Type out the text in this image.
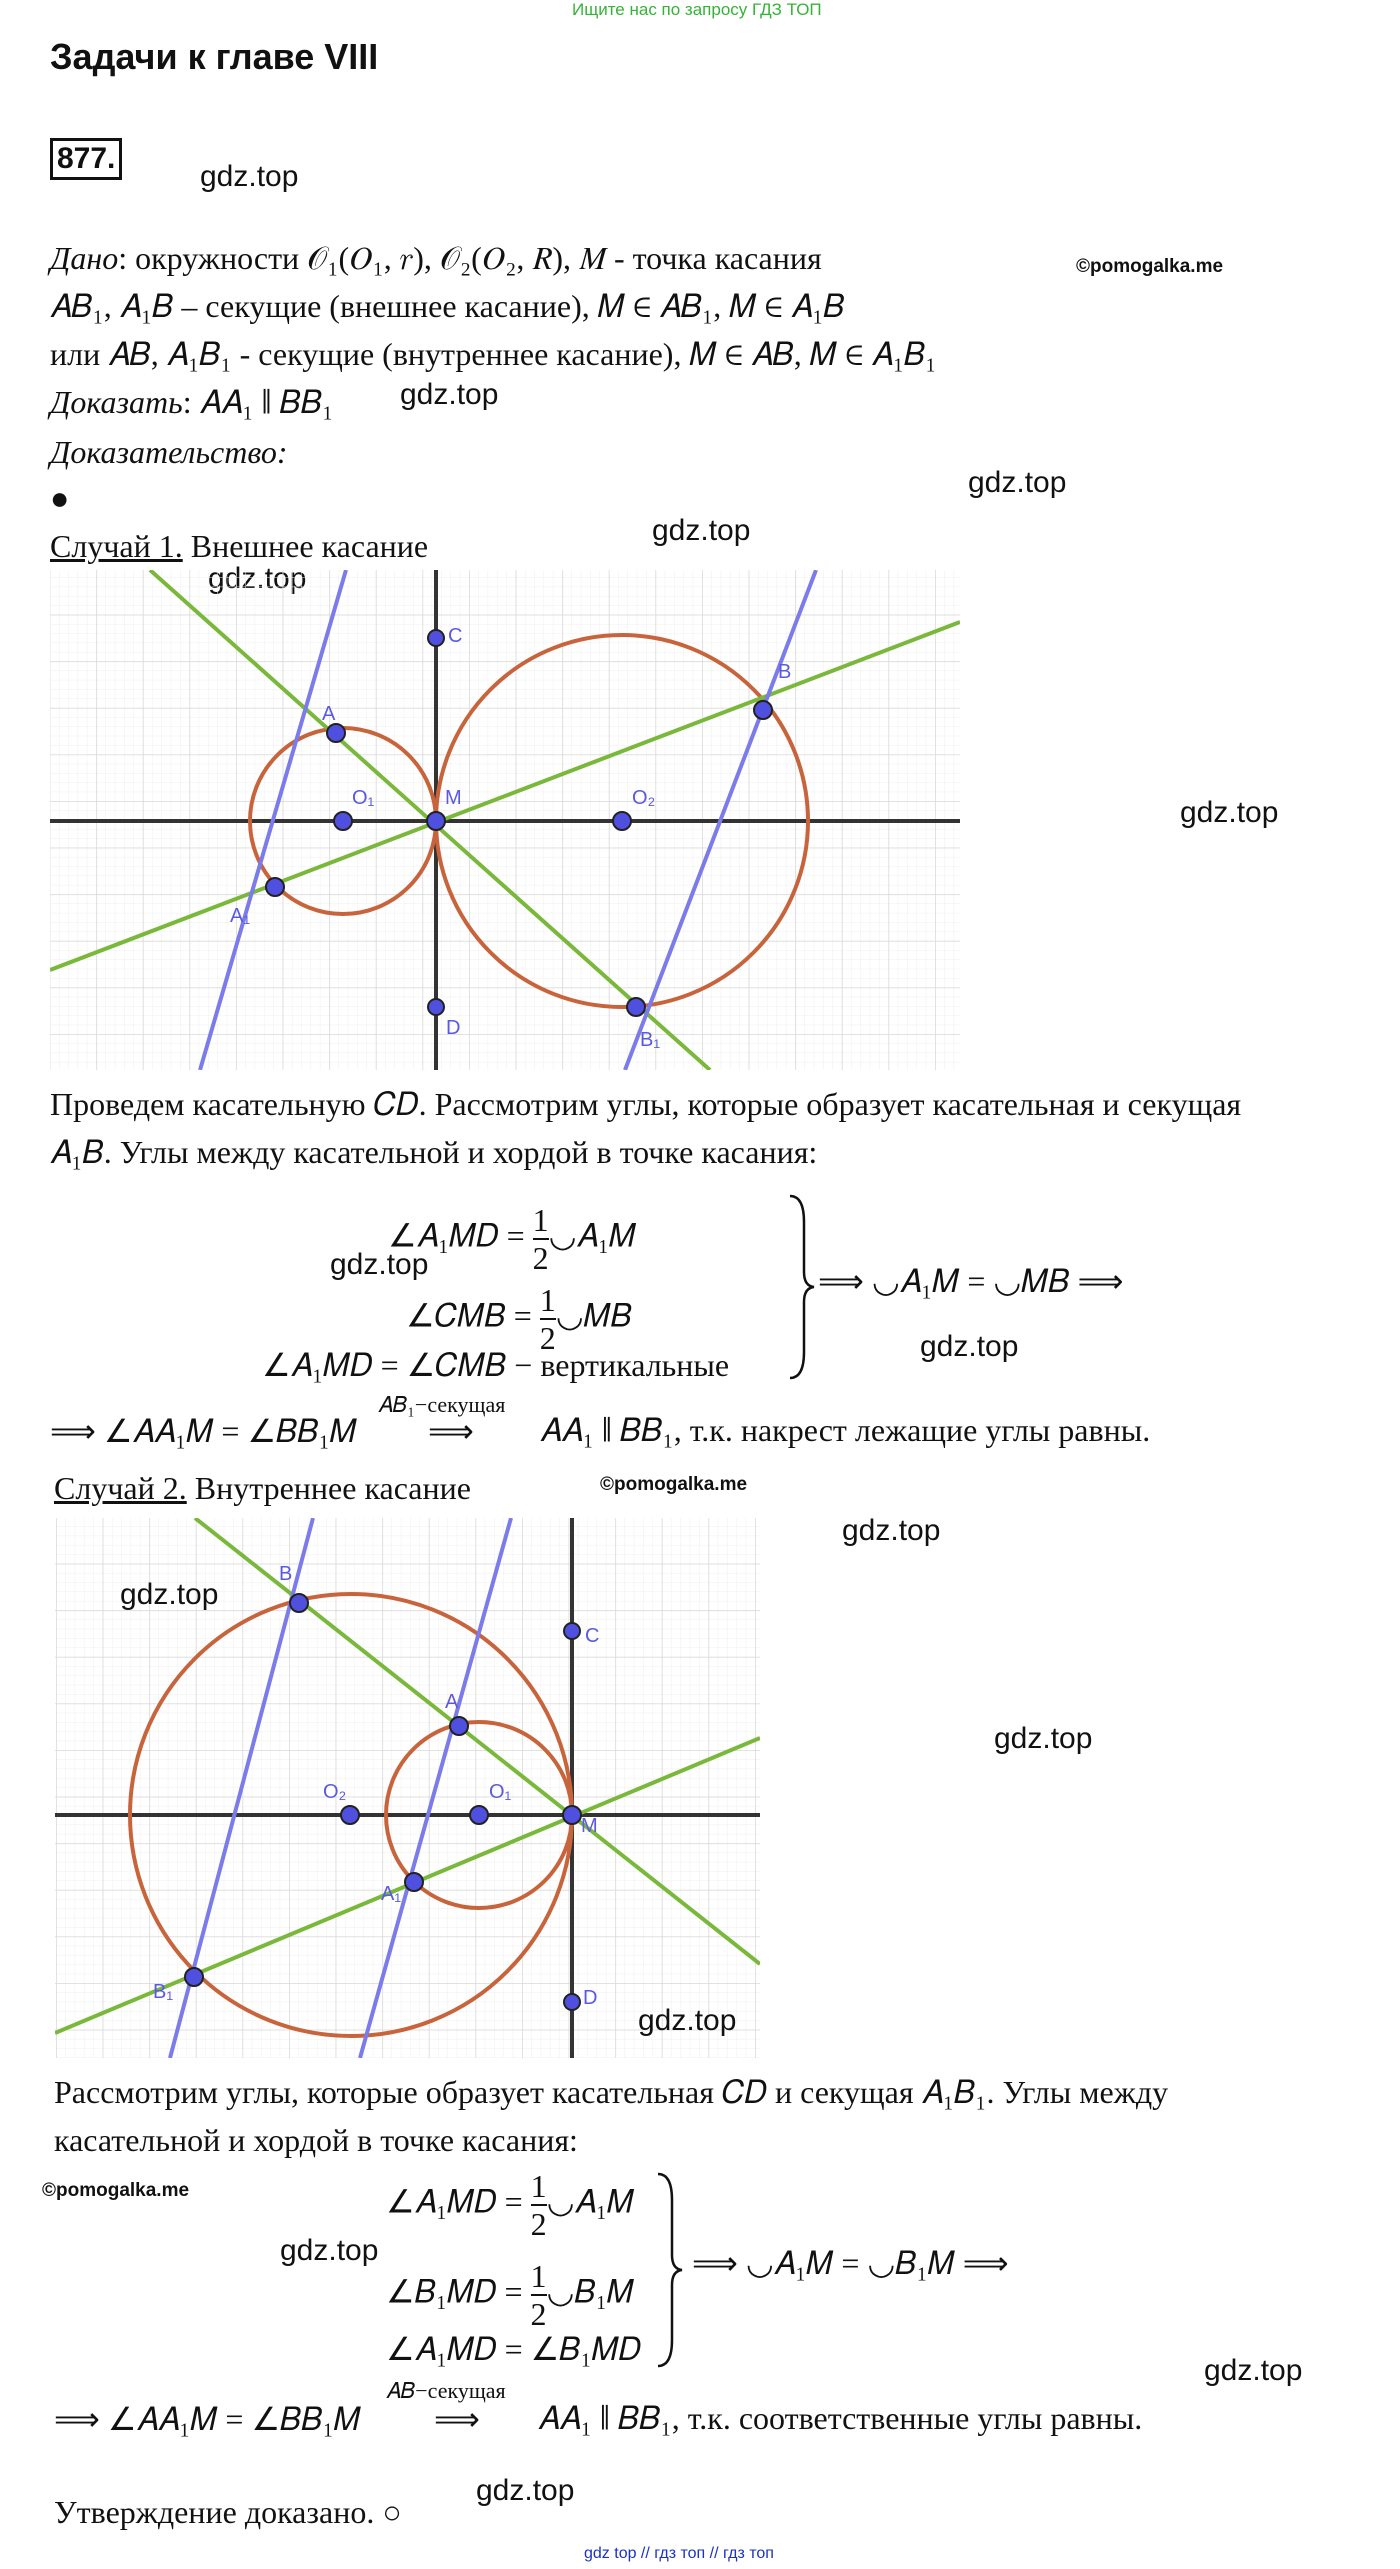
Ищите нас по запросу ГДЗ ТОП
Задачи к главе VIII
877.
gdz.top
Дано: окружности 𝒪₁(𝑂₁, 𝑟), 𝒪₂(𝑂₂, 𝑅), 𝑀 - точка касания	©pomogalka.me
𝐴𝐵₁, 𝐴₁𝐵 – секущие (внешнее касание), 𝑀 ∈ 𝐴𝐵₁, 𝑀 ∈ 𝐴₁𝐵
или 𝐴𝐵, 𝐴₁𝐵₁ - секущие (внутреннее касание), 𝑀 ∈ 𝐴𝐵, 𝑀 ∈ 𝐴₁𝐵₁
Доказать: 𝐴𝐴₁ ∥ 𝐵𝐵₁ gdz.top
Доказательство:
●	gdz.top
Случай 1. Внешнее касание	gdz.top
C
A
B
O₁	M	O₂
A₁
D
B₁
gdz.top
Проведем касательную 𝐶𝐷. Рассмотрим углы, которые образует касательная и секущая
𝐴₁𝐵. Углы между касательной и хордой в точке касания:
∠𝐴₁𝑀𝐷 = $\frac{1}{2}$ ◡𝐴₁𝑀
gdz.top
∠𝐶𝑀𝐵 = $\frac{1}{2}$ ◡𝑀𝐵
∠𝐴₁𝑀𝐷 = ∠𝐶𝑀𝐵 − вертикальные
⟹ ◡𝐴₁𝑀 = ◡𝑀𝐵 ⟹
gdz.top
⟹ ∠𝐴𝐴₁𝑀 = ∠𝐵𝐵₁𝑀
𝐴𝐵₁−секущая
⟹ 𝐴𝐴₁ ∥ 𝐵𝐵₁, т.к. накрест лежащие углы равны.
Случай 2. Внутреннее касание	©pomogalka.me
gdz.top
B
C
A
O₂	O₁
M
A₁
B₁	D
gdz.top
gdz.top
gdz.top
Рассмотрим углы, которые образует касательная 𝐶𝐷 и секущая 𝐴₁𝐵₁. Углы между
касательной и хордой в точке касания:
©pomogalka.me	∠𝐴₁𝑀𝐷 = $\frac{1}{2}$ ◡𝐴₁𝑀
gdz.top
∠𝐵₁𝑀𝐷 = $\frac{1}{2}$ ◡𝐵₁𝑀
∠𝐴₁𝑀𝐷 = ∠𝐵₁𝑀𝐷
⟹ ◡𝐴₁𝑀 = ◡𝐵₁𝑀 ⟹
gdz.top
⟹ ∠𝐴𝐴₁𝑀 = ∠𝐵𝐵₁𝑀
𝐴𝐵−секущая
⟹ 𝐴𝐴₁ ∥ 𝐵𝐵₁, т.к. соответственные углы равны.
Утверждение доказано. ○
gdz.top
gdz top // гдз топ // гдз топ
